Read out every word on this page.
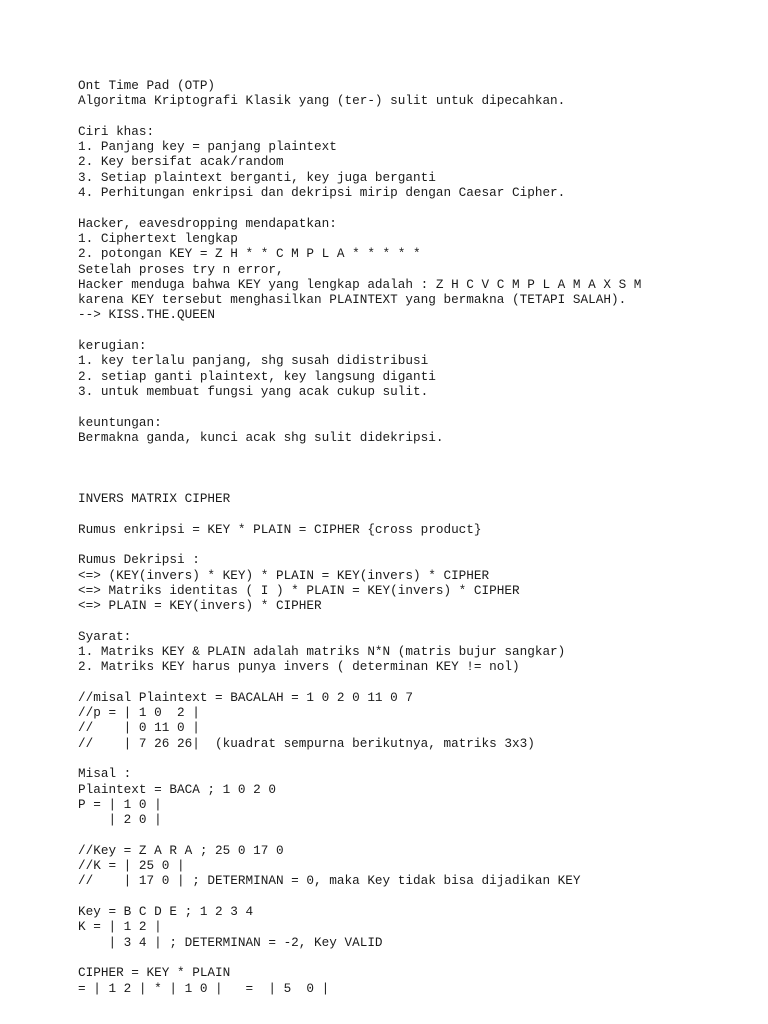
Ont Time Pad (OTP)
Algoritma Kriptografi Klasik yang (ter-) sulit untuk dipecahkan.
Ciri khas:
1. Panjang key = panjang plaintext
2. Key bersifat acak/random
3. Setiap plaintext berganti, key juga berganti
4. Perhitungan enkripsi dan dekripsi mirip dengan Caesar Cipher.
Hacker, eavesdropping mendapatkan:
1. Ciphertext lengkap
2. potongan KEY = Z H * * C M P L A * * * * *
Setelah proses try n error,
Hacker menduga bahwa KEY yang lengkap adalah : Z H C V C M P L A M A X S M
karena KEY tersebut menghasilkan PLAINTEXT yang bermakna (TETAPI SALAH).
--> KISS.THE.QUEEN
kerugian:
1. key terlalu panjang, shg susah didistribusi
2. setiap ganti plaintext, key langsung diganti
3. untuk membuat fungsi yang acak cukup sulit.
keuntungan:
Bermakna ganda, kunci acak shg sulit didekripsi.
INVERS MATRIX CIPHER
Rumus enkripsi = KEY * PLAIN = CIPHER {cross product}
Rumus Dekripsi :
<=> (KEY(invers) * KEY) * PLAIN = KEY(invers) * CIPHER
<=> Matriks identitas ( I ) * PLAIN = KEY(invers) * CIPHER
<=> PLAIN = KEY(invers) * CIPHER
Syarat:
1. Matriks KEY & PLAIN adalah matriks N*N (matris bujur sangkar)
2. Matriks KEY harus punya invers ( determinan KEY != nol)
//misal Plaintext = BACALAH = 1 0 2 0 11 0 7
//p = | 1 0  2 |
//    | 0 11 0 |
//    | 7 26 26|  (kuadrat sempurna berikutnya, matriks 3x3)
Misal :
Plaintext = BACA ; 1 0 2 0
P = | 1 0 |
| 2 0 |
//Key = Z A R A ; 25 0 17 0
//K = | 25 0 |
//    | 17 0 | ; DETERMINAN = 0, maka Key tidak bisa dijadikan KEY
Key = B C D E ; 1 2 3 4
K = | 1 2 |
| 3 4 | ; DETERMINAN = -2, Key VALID
CIPHER = KEY * PLAIN
= | 1 2 | * | 1 0 |   =  | 5  0 |
